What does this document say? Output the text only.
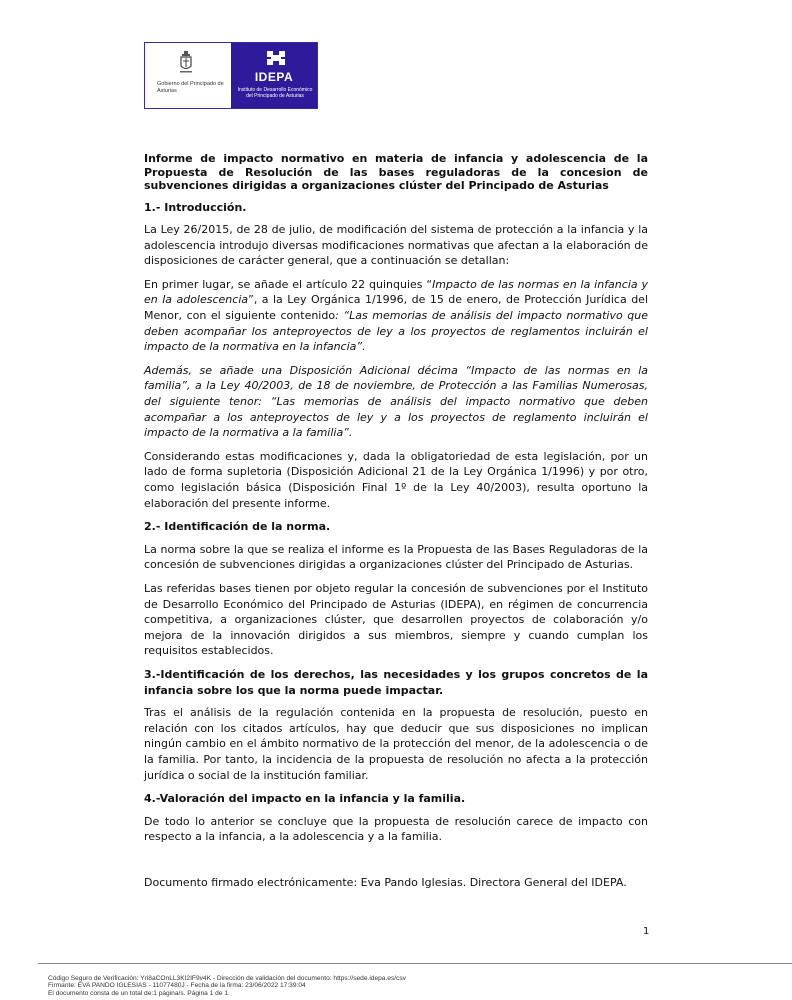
Gobierno del Principado de Asturias
IDEPA
Instituto de Desarrollo Económico del Principado de Asturias
Informe de impacto normativo en materia de infancia y adolescencia de la Propuesta de Resolución de las bases reguladoras de la concesion de subvenciones dirigidas a organizaciones clúster del Principado de Asturias
1.- Introducción.

La Ley 26/2015, de 28 de julio, de modificación del sistema de protección a la infancia y la adolescencia introdujo diversas modificaciones normativas que afectan a la elaboración de disposiciones de carácter general, que a continuación se detallan:

En primer lugar, se añade el artículo 22 quinquies “Impacto de las normas en la infancia y en la adolescencia”, a la Ley Orgánica 1/1996, de 15 de enero, de Protección Jurídica del Menor, con el siguiente contenido: “Las memorias de análisis del impacto normativo que deben acompañar los anteproyectos de ley a los proyectos de reglamentos incluirán el impacto de la normativa en la infancia”.

Además, se añade una Disposición Adicional décima “Impacto de las normas en la familia”, a la Ley 40/2003, de 18 de noviembre, de Protección a las Familias Numerosas, del siguiente tenor: “Las memorias de análisis del impacto normativo que deben acompañar a los anteproyectos de ley y a los proyectos de reglamento incluirán el impacto de la normativa a la familia”.

Considerando estas modificaciones y, dada la obligatoriedad de esta legislación, por un lado de forma supletoria (Disposición Adicional 21 de la Ley Orgánica 1/1996) y por otro, como legislación básica (Disposición Final 1º de la Ley 40/2003), resulta oportuno la elaboración del presente informe.

2.- Identificación de la norma.

La norma sobre la que se realiza el informe es la Propuesta de las Bases Reguladoras de la concesión de subvenciones dirigidas a organizaciones clúster del Principado de Asturias.

Las referidas bases tienen por objeto regular la concesión de subvenciones por el Instituto de Desarrollo Económico del Principado de Asturias (IDEPA), en régimen de concurrencia competitiva, a organizaciones clúster, que desarrollen proyectos de colaboración y/o mejora de la innovación dirigidos a sus miembros, siempre y cuando cumplan los requisitos establecidos.

3.-Identificación de los derechos, las necesidades y los grupos concretos de la infancia sobre los que la norma puede impactar.

Tras el análisis de la regulación contenida en la propuesta de resolución, puesto en relación con los citados artículos, hay que deducir que sus disposiciones no implican ningún cambio en el ámbito normativo de la protección del menor, de la adolescencia o de la familia. Por tanto, la incidencia de la propuesta de resolución no afecta a la protección jurídica o social de la institución familiar.

4.-Valoración del impacto en la infancia y la familia.

De todo lo anterior se concluye que la propuesta de resolución carece de impacto con respecto a la infancia, a la adolescencia y a la familia.

Documento firmado electrónicamente: Eva Pando Iglesias. Directora General del IDEPA.

1
Código Seguro de Verificación: Yri8aCOnLL3KI2IF9v4K - Dirección de validación del documento: https://sede.idepa.es/csv
Firmante: EVA PANDO IGLESIAS - 11077480J - Fecha de la firma: 23/06/2022 17:39:04
El documento consta de un total de:1 página/s. Página 1 de 1.
